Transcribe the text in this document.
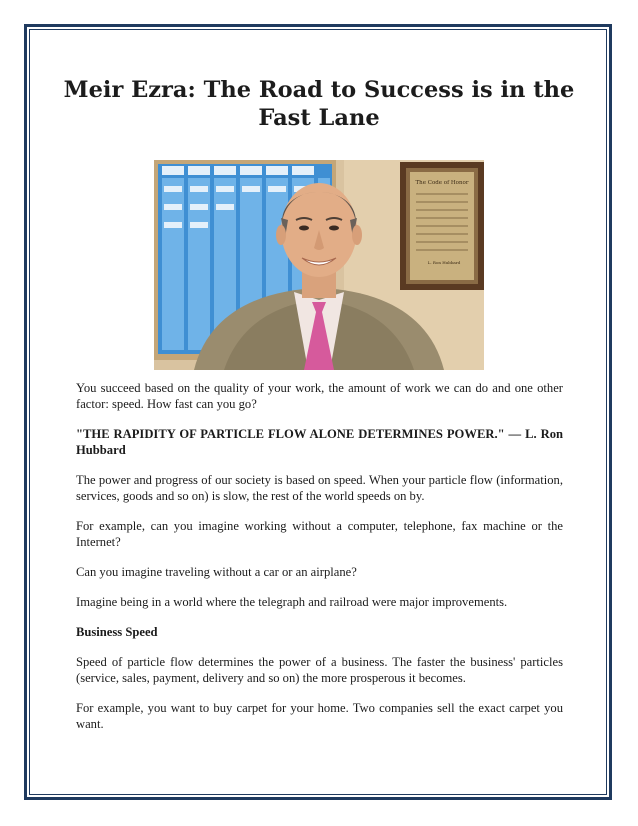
Meir Ezra: The Road to Success is in the Fast Lane
The Code of Honor
L. Ron Hubbard

You succeed based on the quality of your work, the amount of work we can do and one other factor: speed. How fast can you go?

"THE RAPIDITY OF PARTICLE FLOW ALONE DETERMINES POWER." — L. Ron Hubbard

The power and progress of our society is based on speed. When your particle flow (information, services, goods and so on) is slow, the rest of the world speeds on by.

For example, can you imagine working without a computer, telephone, fax machine or the Internet?

Can you imagine traveling without a car or an airplane?

Imagine being in a world where the telegraph and railroad were major improvements.

Business Speed

Speed of particle flow determines the power of a business. The faster the business' particles (service, sales, payment, delivery and so on) the more prosperous it becomes.

For example, you want to buy carpet for your home. Two companies sell the exact carpet you want.
